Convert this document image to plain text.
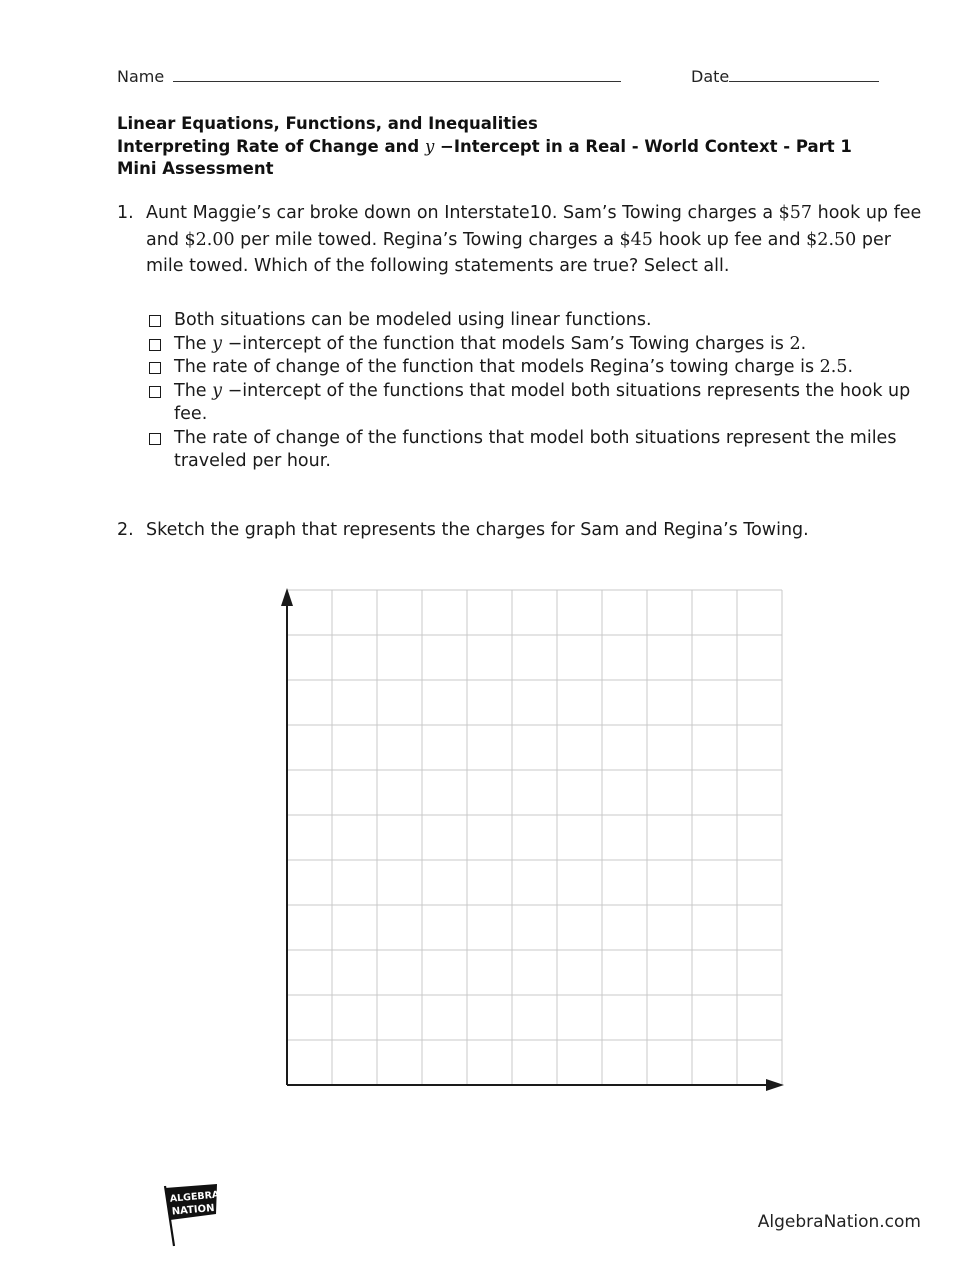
Name	Date
Linear Equations, Functions, and Inequalities
Interpreting Rate of Change and y −Intercept in a Real - World Context - Part 1
Mini Assessment
1. Aunt Maggie’s car broke down on Interstate10. Sam’s Towing charges a $57 hook up fee and $2.00 per mile towed. Regina’s Towing charges a $45 hook up fee and $2.50 per mile towed. Which of the following statements are true? Select all.
Both situations can be modeled using linear functions.
The y −intercept of the function that models Sam’s Towing charges is 2.
The rate of change of the function that models Regina’s towing charge is 2.5.
The y −intercept of the functions that model both situations represents the hook up fee.
The rate of change of the functions that model both situations represent the miles traveled per hour.
2. Sketch the graph that represents the charges for Sam and Regina’s Towing.
ALGEBRA
NATION
AlgebraNation.com
